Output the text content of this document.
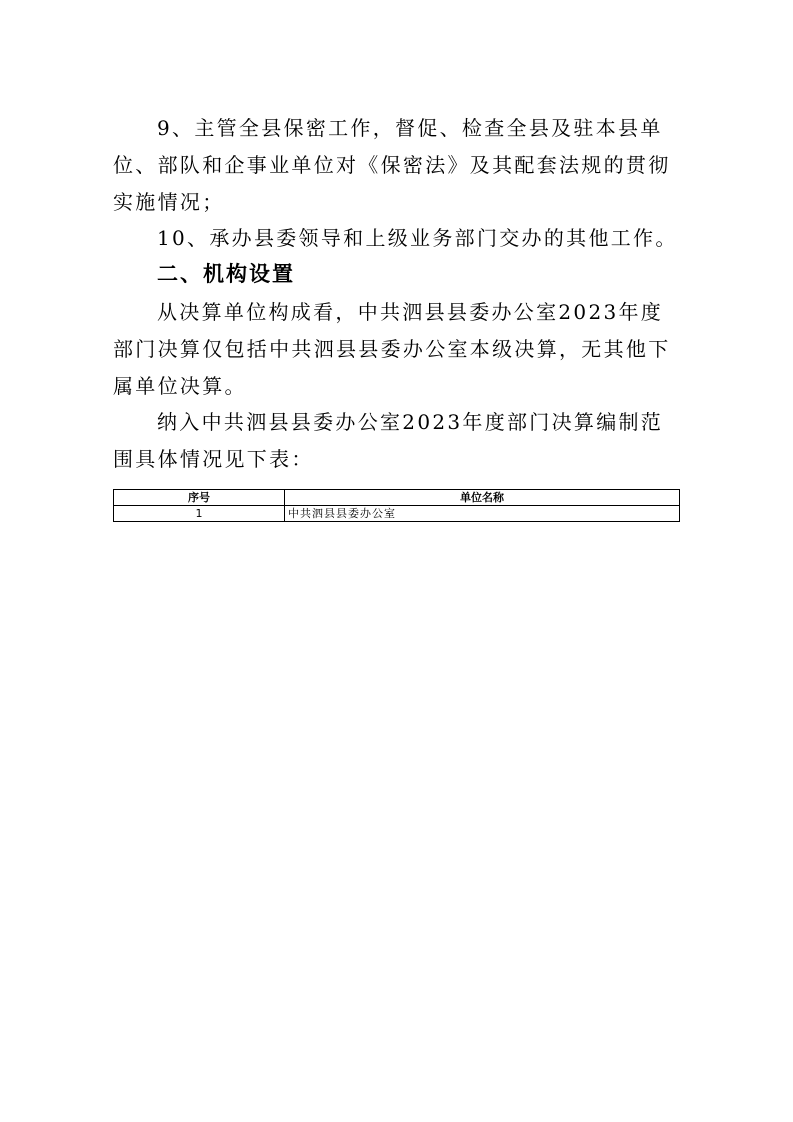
9、主管全县保密工作，督促、检查全县及驻本县单位、部队和企事业单位对《保密法》及其配套法规的贯彻实施情况；

10、承办县委领导和上级业务部门交办的其他工作。

二、机构设置

从决算单位构成看，中共泗县县委办公室2023年度部门决算仅包括中共泗县县委办公室本级决算，无其他下属单位决算。

纳入中共泗县县委办公室2023年度部门决算编制范围具体情况见下表：

序号	单位名称
1	中共泗县县委办公室
